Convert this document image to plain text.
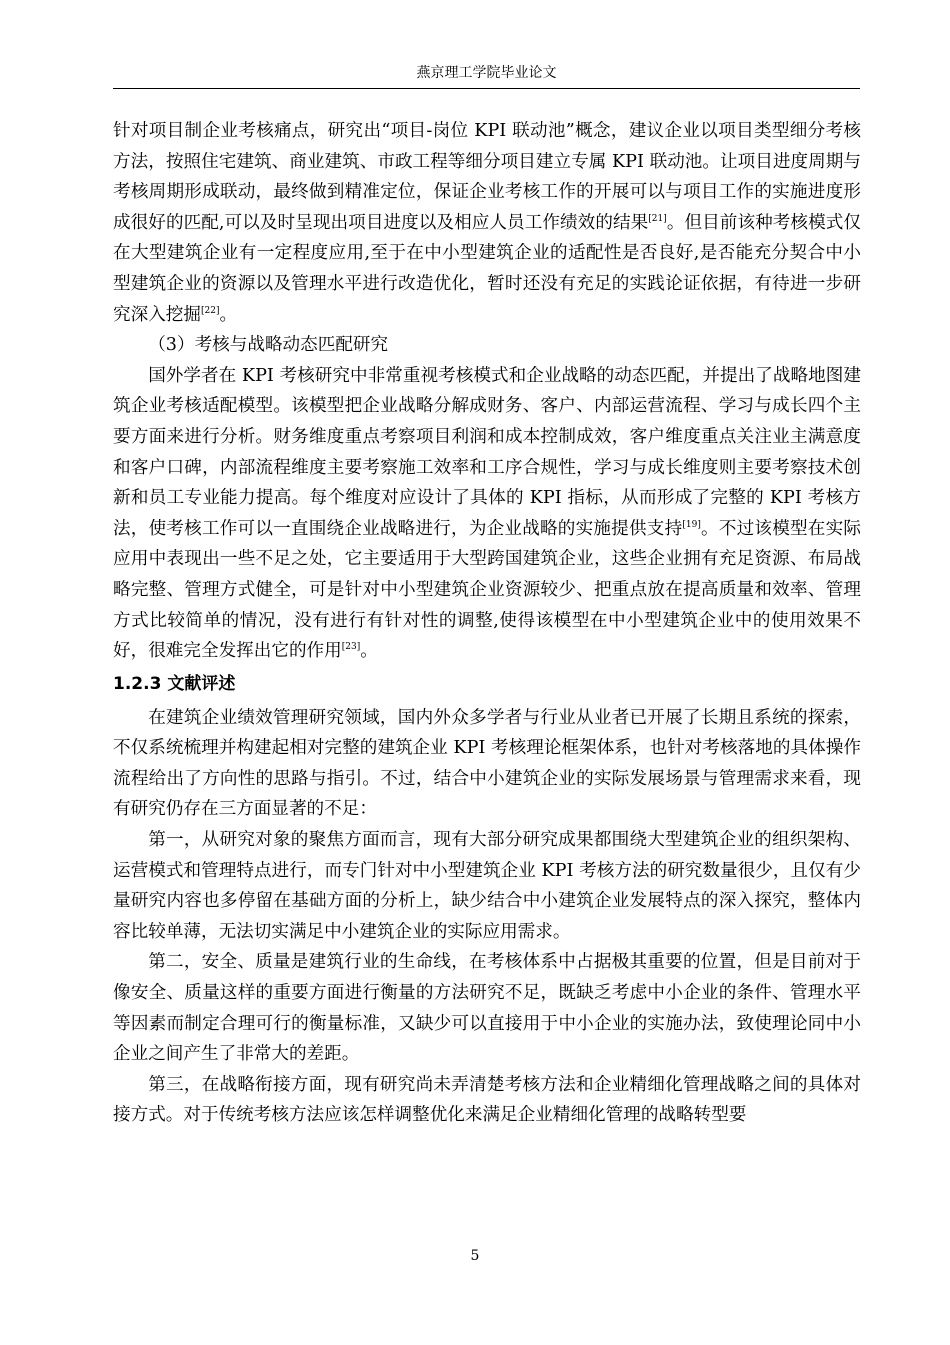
燕京理工学院毕业论文

针对项目制企业考核痛点，研究出“项目-岗位 KPI 联动池”概念，建议企业以项目类型细分考核方法，按照住宅建筑、商业建筑、市政工程等细分项目建立专属 KPI 联动池。让项目进度周期与考核周期形成联动，最终做到精准定位，保证企业考核工作的开展可以与项目工作的实施进度形成很好的匹配,可以及时呈现出项目进度以及相应人员工作绩效的结果[21]。但目前该种考核模式仅在大型建筑企业有一定程度应用,至于在中小型建筑企业的适配性是否良好,是否能充分契合中小型建筑企业的资源以及管理水平进行改造优化，暂时还没有充足的实践论证依据，有待进一步研究深入挖掘[22]。

（3）考核与战略动态匹配研究

国外学者在 KPI 考核研究中非常重视考核模式和企业战略的动态匹配，并提出了战略地图建筑企业考核适配模型。该模型把企业战略分解成财务、客户、内部运营流程、学习与成长四个主要方面来进行分析。财务维度重点考察项目利润和成本控制成效，客户维度重点关注业主满意度和客户口碑，内部流程维度主要考察施工效率和工序合规性，学习与成长维度则主要考察技术创新和员工专业能力提高。每个维度对应设计了具体的 KPI 指标，从而形成了完整的 KPI 考核方法，使考核工作可以一直围绕企业战略进行，为企业战略的实施提供支持[19]。不过该模型在实际应用中表现出一些不足之处，它主要适用于大型跨国建筑企业，这些企业拥有充足资源、布局战略完整、管理方式健全，可是针对中小型建筑企业资源较少、把重点放在提高质量和效率、管理方式比较简单的情况，没有进行有针对性的调整,使得该模型在中小型建筑企业中的使用效果不好，很难完全发挥出它的作用[23]。

1.2.3 文献评述

在建筑企业绩效管理研究领域，国内外众多学者与行业从业者已开展了长期且系统的探索，不仅系统梳理并构建起相对完整的建筑企业 KPI 考核理论框架体系，也针对考核落地的具体操作流程给出了方向性的思路与指引。不过，结合中小建筑企业的实际发展场景与管理需求来看，现有研究仍存在三方面显著的不足：

第一，从研究对象的聚焦方面而言，现有大部分研究成果都围绕大型建筑企业的组织架构、运营模式和管理特点进行，而专门针对中小型建筑企业 KPI 考核方法的研究数量很少，且仅有少量研究内容也多停留在基础方面的分析上，缺少结合中小建筑企业发展特点的深入探究，整体内容比较单薄，无法切实满足中小建筑企业的实际应用需求。

第二，安全、质量是建筑行业的生命线，在考核体系中占据极其重要的位置，但是目前对于像安全、质量这样的重要方面进行衡量的方法研究不足，既缺乏考虑中小企业的条件、管理水平等因素而制定合理可行的衡量标准，又缺少可以直接用于中小企业的实施办法，致使理论同中小企业之间产生了非常大的差距。

第三，在战略衔接方面，现有研究尚未弄清楚考核方法和企业精细化管理战略之间的具体对接方式。对于传统考核方法应该怎样调整优化来满足企业精细化管理的战略转型要

5
